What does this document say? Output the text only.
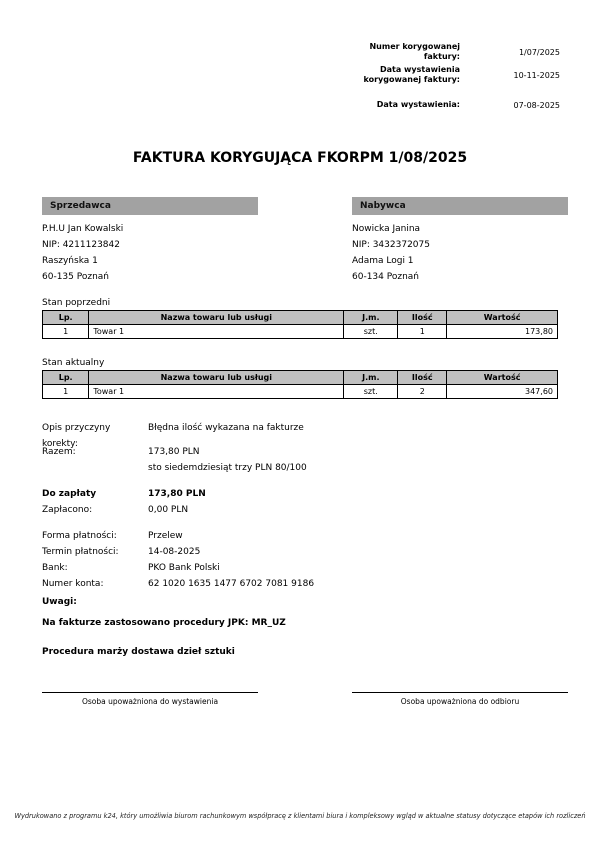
Numer korygowanej faktury:	1/07/2025
Data wystawienia korygowanej faktury:	10-11-2025
Data wystawienia:	07-08-2025
FAKTURA KORYGUJĄCA FKORPM 1/08/2025
Sprzedawca
P.H.U Jan Kowalski
NIP: 4211123842
Raszyńska 1
60-135 Poznań
Nabywca
Nowicka Janina
NIP: 3432372075
Adama Logi 1
60-134 Poznań
Stan poprzedni
Lp.	Nazwa towaru lub usługi	J.m.	Ilość	Wartość
1	Towar 1	szt.	1	173,80
Stan aktualny
Lp.	Nazwa towaru lub usługi	J.m.	Ilość	Wartość
1	Towar 1	szt.	2	347,60
Opis przyczyny korekty:
Błędna ilość wykazana na fakturze
Razem:	173,80 PLN
sto siedemdziesiąt trzy PLN 80/100
Do zapłaty	173,80 PLN
Zapłacono:	0,00 PLN
Forma płatności:	Przelew
Termin płatności:	14-08-2025
Bank:	PKO Bank Polski
Numer konta:	62 1020 1635 1477 6702 7081 9186
Uwagi:
Na fakturze zastosowano procedury JPK: MR_UZ
Procedura marży dostawa dzieł sztuki
Osoba upoważniona do wystawienia	Osoba upoważniona do odbioru
Wydrukowano z programu k24, który umożliwia biurom rachunkowym współpracę z klientami biura i kompleksowy wgląd w aktualne statusy dotyczące etapów ich rozliczeń
